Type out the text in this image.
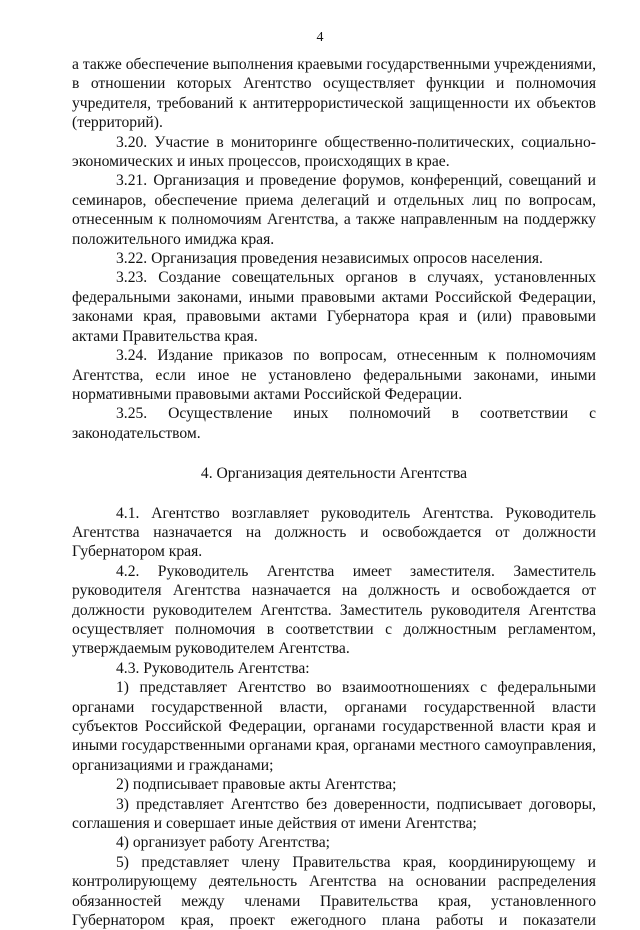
4

а также обеспечение выполнения краевыми государственными учреждениями, в отношении которых Агентство осуществляет функции и полномочия учредителя, требований к антитеррористической защищенности их объектов (территорий).

3.20. Участие в мониторинге общественно-политических, социально-экономических и иных процессов, происходящих в крае.

3.21. Организация и проведение форумов, конференций, совещаний и семинаров, обеспечение приема делегаций и отдельных лиц по вопросам, отнесенным к полномочиям Агентства, а также направленным на поддержку положительного имиджа края.

3.22. Организация проведения независимых опросов населения.

3.23. Создание совещательных органов в случаях, установленных федеральными законами, иными правовыми актами Российской Федерации, законами края, правовыми актами Губернатора края и (или) правовыми актами Правительства края.

3.24. Издание приказов по вопросам, отнесенным к полномочиям Агентства, если иное не установлено федеральными законами, иными нормативными правовыми актами Российской Федерации.

3.25. Осуществление иных полномочий в соответствии с законодательством.

4. Организация деятельности Агентства

4.1. Агентство возглавляет руководитель Агентства. Руководитель Агентства назначается на должность и освобождается от должности Губернатором края.

4.2. Руководитель Агентства имеет заместителя. Заместитель руководителя Агентства назначается на должность и освобождается от должности руководителем Агентства. Заместитель руководителя Агентства осуществляет полномочия в соответствии с должностным регламентом, утверждаемым руководителем Агентства.

4.3. Руководитель Агентства:

1) представляет Агентство во взаимоотношениях с федеральными органами государственной власти, органами государственной власти субъектов Российской Федерации, органами государственной власти края и иными государственными органами края, органами местного самоуправления, организациями и гражданами;

2) подписывает правовые акты Агентства;

3) представляет Агентство без доверенности, подписывает договоры, соглашения и совершает иные действия от имени Агентства;

4) организует работу Агентства;

5) представляет члену Правительства края, координирующему и контролирующему деятельность Агентства на основании распределения обязанностей между членами Правительства края, установленного Губернатором края, проект ежегодного плана работы и показатели
